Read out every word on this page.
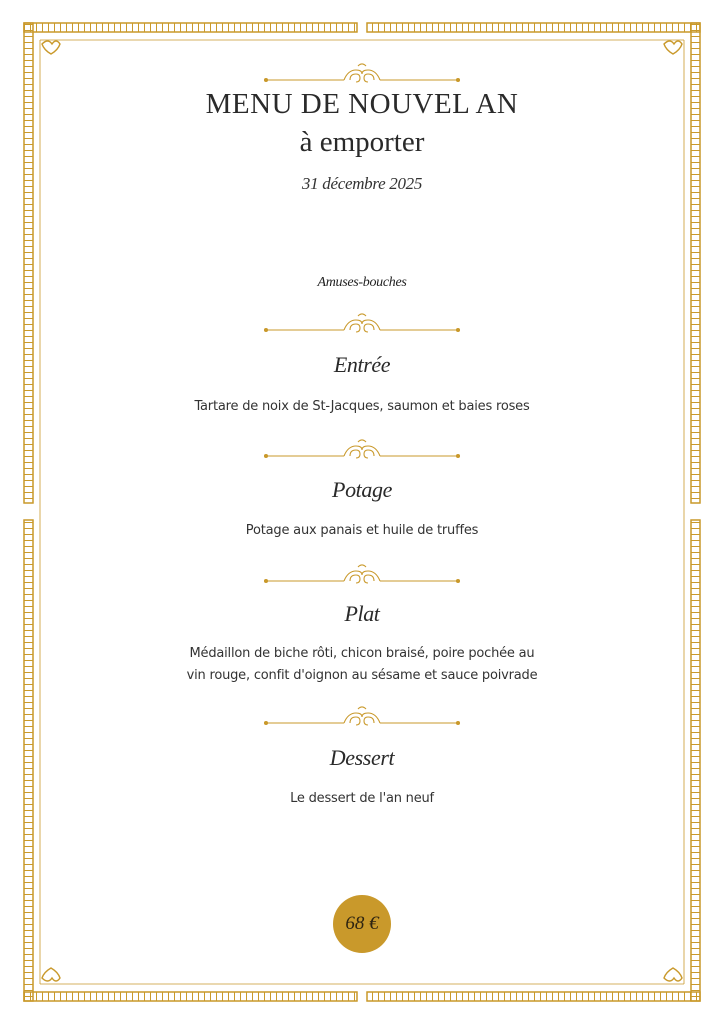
MENU DE NOUVEL AN
à emporter
31 décembre 2025
Amuses-bouches
Entrée
Tartare de noix de St-Jacques, saumon et baies roses
Potage
Potage aux panais et huile de truffes
Plat
Médaillon de biche rôti, chicon braisé, poire pochée au
vin rouge, confit d'oignon au sésame et sauce poivrade
Dessert
Le dessert de l'an neuf
68 €
